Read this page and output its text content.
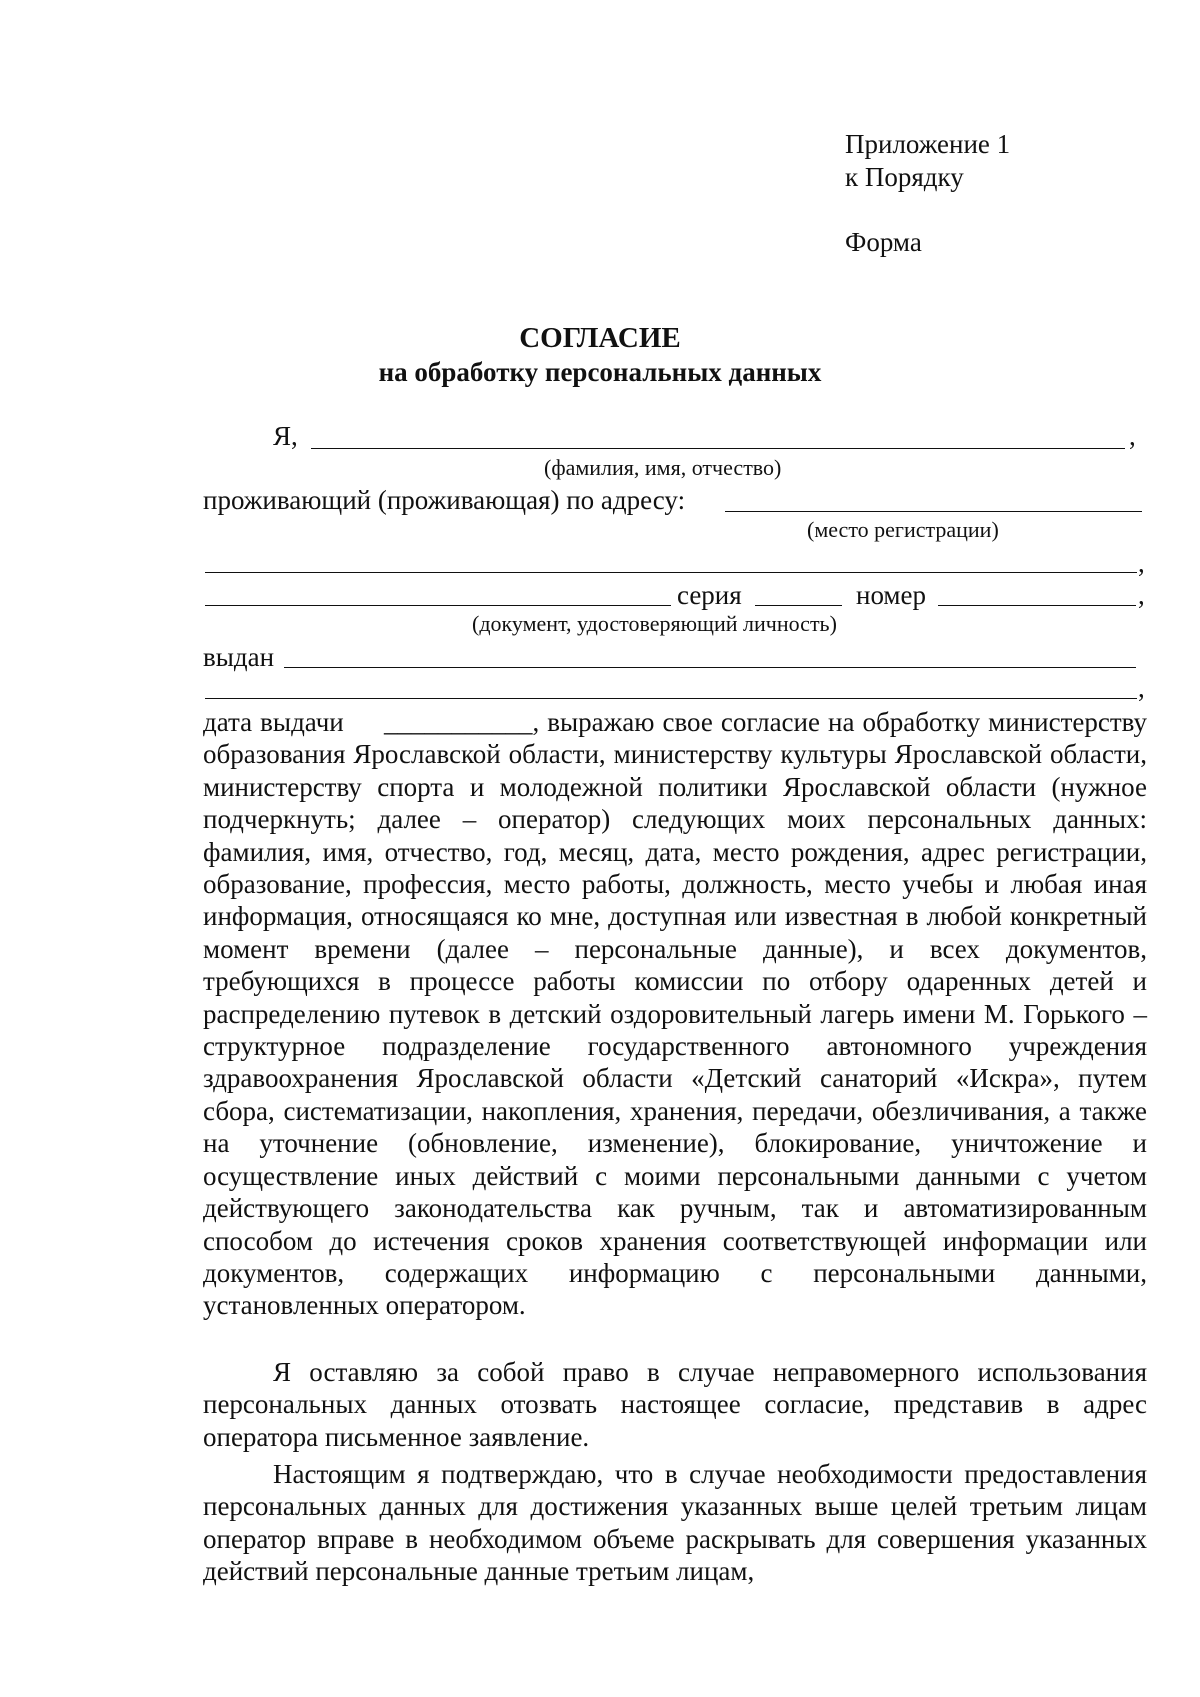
Приложение 1
к Порядку
Форма
СОГЛАСИЕ
на обработку персональных данных
Я,	,
(фамилия, имя, отчество)
проживающий (проживающая) по адресу:
(место регистрации)
,
серия	номер	,
(документ, удостоверяющий личность)
выдан
,
дата выдачи ___________, выражаю свое согласие на обработку министерству образования Ярославской области, министерству культуры Ярославской области, министерству спорта и молодежной политики Ярославской области (нужное подчеркнуть; далее – оператор) следующих моих персональных данных: фамилия, имя, отчество, год, месяц, дата, место рождения, адрес регистрации, образование, профессия, место работы, должность, место учебы и любая иная информация, относящаяся ко мне, доступная или известная в любой конкретный момент времени (далее – персональные данные), и всех документов, требующихся в процессе работы комиссии по отбору одаренных детей и распределению путевок в детский оздоровительный лагерь имени М. Горького – структурное подразделение государственного автономного учреждения здравоохранения Ярославской области «Детский санаторий «Искра», путем сбора, систематизации, накопления, хранения, передачи, обезличивания, а также на уточнение (обновление, изменение), блокирование, уничтожение и осуществление иных действий с моими персональными данными с учетом действующего законодательства как ручным, так и автоматизированным способом до истечения сроков хранения соответствующей информации или документов, содержащих информацию с персональными данными, установленных оператором.
Я оставляю за собой право в случае неправомерного использования персональных данных отозвать настоящее согласие, представив в адрес оператора письменное заявление.
Настоящим я подтверждаю, что в случае необходимости предоставления персональных данных для достижения указанных выше целей третьим лицам оператор вправе в необходимом объеме раскрывать для совершения указанных действий персональные данные третьим лицам,
